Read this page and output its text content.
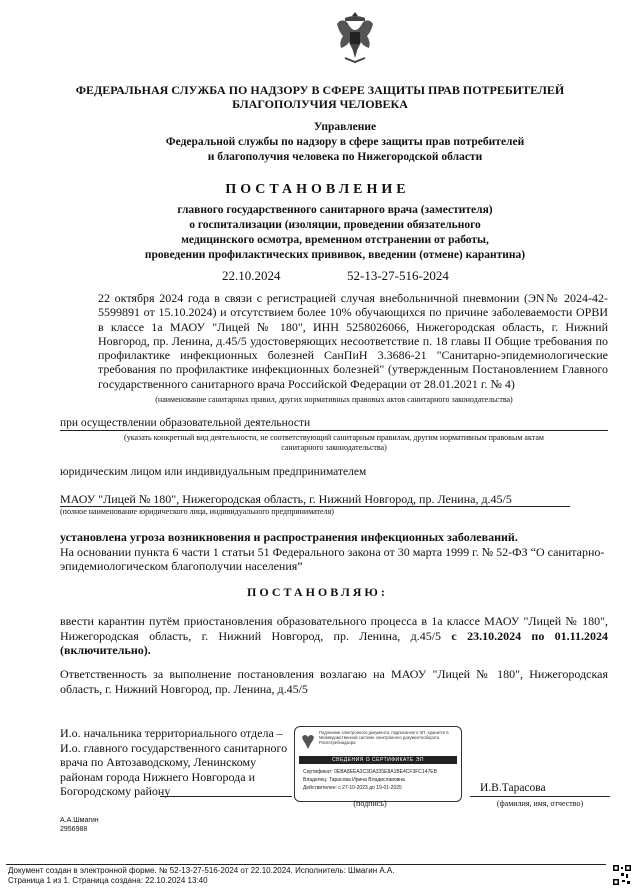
ФЕДЕРАЛЬНАЯ СЛУЖБА ПО НАДЗОРУ В СФЕРЕ ЗАЩИТЫ ПРАВ ПОТРЕБИТЕЛЕЙ
БЛАГОПОЛУЧИЯ ЧЕЛОВЕКА
Управление
Федеральной службы по надзору в сфере защиты прав потребителей
и благополучия человека по Нижегородской области
ПОСТАНОВЛЕНИЕ
главного государственного санитарного врача (заместителя)
о госпитализации (изоляции, проведении обязательного
медицинского осмотра, временном отстранении от работы,
проведении профилактических прививок, введении (отмене) карантина)
22.10.2024	52-13-27-516-2024
22 октября 2024 года в связи с регистрацией случая внебольничной пневмонии (ЭN№ 2024-42-5599891 от 15.10.2024) и отсутствием более 10% обучающихся по причине заболеваемости ОРВИ в классе 1а МАОУ "Лицей № 180", ИНН 5258026066, Нижегородская область, г. Нижний Новгород, пр. Ленина, д.45/5 удостоверяющих несоответствие п. 18 главы II Общие требования по профилактике инфекционных болезней СанПиН 3.3686-21 "Санитарно-эпидемиологические требования по профилактике инфекционных болезней" (утвержденным Постановлением Главного государственного санитарного врача Российской Федерации от 28.01.2021 г. № 4)
(наименование санитарных правил, других нормативных правовых актов санитарного законодательства)
при осуществлении образовательной деятельности
(указать конкретный вид деятельности, не соответствующий санитарным правилам, другим нормативным правовым актам
санитарного законодательства)
юридическим лицом или индивидуальным предпринимателем
МАОУ "Лицей № 180", Нижегородская область, г. Нижний Новгород, пр. Ленина, д.45/5
(полное наименование юридического лица, индивидуального предпринимателя)
установлена угроза возникновения и распространения инфекционных заболеваний.
На основании пункта 6 части 1 статьи 51 Федерального закона от 30 марта 1999 г. № 52-ФЗ “О санитарно-эпидемиологическом благополучии населения”
ПОСТАНОВЛЯЮ:
ввести карантин путём приостановления образовательного процесса в 1а классе МАОУ "Лицей № 180", Нижегородская область, г. Нижний Новгород, пр. Ленина, д.45/5 с 23.10.2024 по 01.11.2024 (включительно).
Ответственность за выполнение постановления возлагаю на МАОУ "Лицей № 180", Нижегородская область, г. Нижний Новгород, пр. Ленина, д.45/5
И.о. начальника территориального отдела –
И.о. главного государственного санитарного
врача по Автозаводскому, Ленинскому
районам города Нижнего Новгорода и
Богородскому району
Подлинник электронного документа, подписанного ЭП, хранится в Межведомственной системе электронного документооборота Роспотребнадзора
СВЕДЕНИЯ О СЕРТИФИКАТЕ ЭП
Сертификат: 0EBA8EEA3C3DA335E8A1BE4CF3FC147EB
Владелец: Тарасова Ирина Владиславовна
Действителен: с 27-10-2023 до 19-01-2025
(подпись)
И.В.Тарасова
(фамилия, имя, отчество)
А.А.Шмагин
2956988
Документ создан в электронной форме. № 52-13-27-516-2024 от 22.10.2024. Исполнитель: Шмагин А.А.
Страница 1 из 1. Страница создана: 22.10.2024 13:40
